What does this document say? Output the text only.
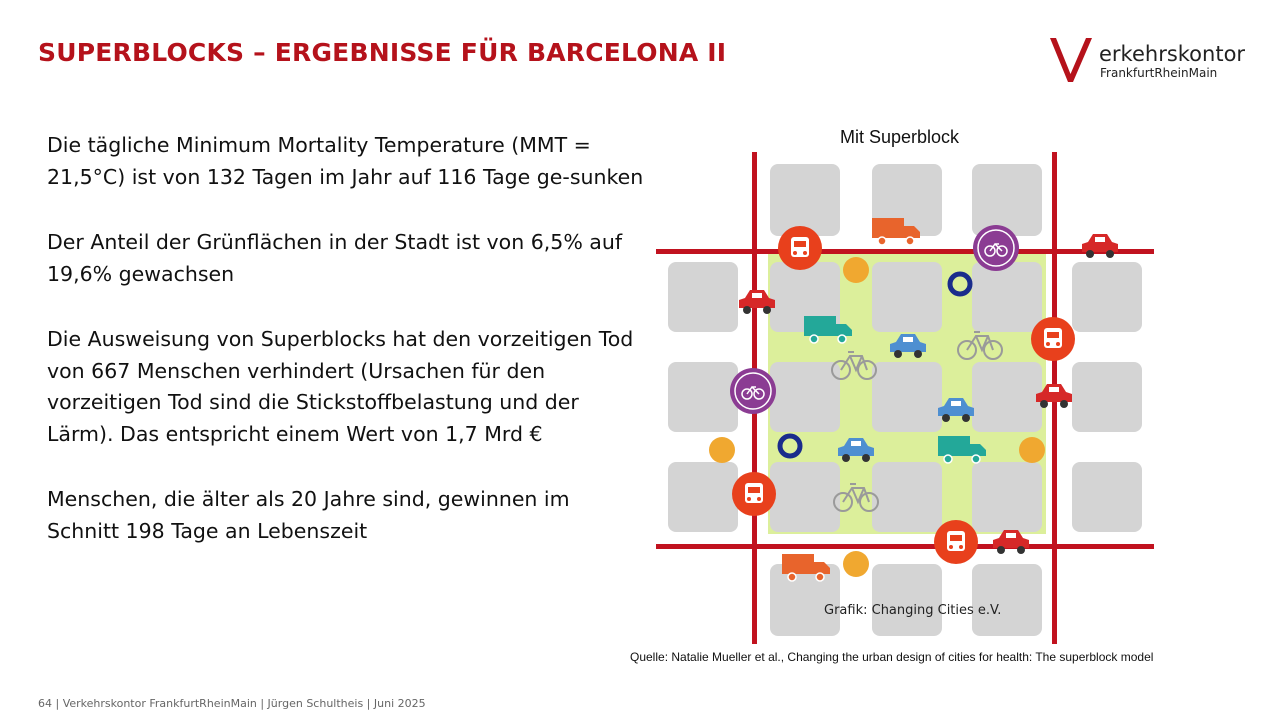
SUPERBLOCKS – ERGEBNISSE FÜR BARCELONA II	erkehrskontor
FrankfurtRheinMain

Die tägliche Minimum Mortality Temperature (MMT = 21,5°C) ist von 132 Tagen im Jahr auf 116 Tage ge-sunken

Der Anteil der Grünflächen in der Stadt ist von 6,5% auf 19,6% gewachsen

Die Ausweisung von Superblocks hat den vorzeitigen Tod von 667 Menschen verhindert (Ursachen für den vorzeitigen Tod sind die Stickstoffbelastung und der Lärm). Das entspricht einem Wert von 1,7 Mrd €

Menschen, die älter als 20 Jahre sind, gewinnen im Schnitt 198 Tage an Lebenszeit

Mit Superblock
Grafik: Changing Cities e.V.
Quelle: Natalie Mueller et al., Changing the urban design of cities for health: The superblock model
64 | Verkehrskontor FrankfurtRheinMain | Jürgen Schultheis | Juni 2025
